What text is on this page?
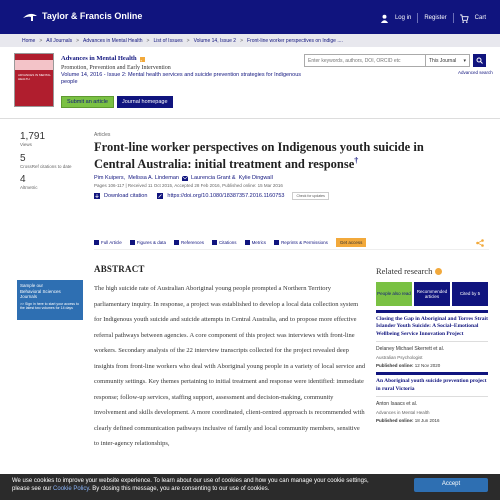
Taylor & Francis Online	Log in Register	Cart
Home > All Journals > Advances in Mental Health > List of Issues > Volume 14, Issue 2 > Front-line worker perspectives on Indige ....
ADVANCES IN MENTAL HEALTH
Advances in Mental Health
Promotion, Prevention and Early Intervention
Volume 14, 2016 - Issue 2: Mental health services and suicide prevention strategies for Indigenous people
Submit an article	Journal homepage
Enter keywords, authors, DOI, ORCID etc
This Journal ▾
Advanced search
1,791
Views
5
CrossRef citations to date
4
Altmetric
Articles
Front-line worker perspectives on Indigenous youth suicide in Central Australia: initial treatment and response†
Pim Kuipers, Melissa A. Lindeman Laurencia Grant & Kylie Dingwall
Pages 106-117 | Received 11 Oct 2015, Accepted 28 Feb 2016, Published online: 15 Mar 2016
Download citation	https://doi.org/10.1080/18387357.2016.1160753	Check for updates
Full Article	Figures & data	References	Citations	Metrics	Reprints & Permissions	Get access
Sample our
Behavioral Sciences
Journals
>> Sign in here to start your access to the latest two volumes for 14 days
ABSTRACT

The high suicide rate of Australian Aboriginal young people prompted a Northern Territory parliamentary inquiry. In response, a project was established to develop a local data collection system for Indigenous youth suicide and suicide attempts in Central Australia, and to propose more effective referral pathways between agencies. A core component of this project was interviews with front-line workers. Secondary analysis of the 22 interview transcripts collected for the project revealed deep insights from front-line workers who deal with Aboriginal young people in a variety of local service and community settings. Key themes pertaining to initial treatment and response were identified: immediate response; follow-up services, staffing support, assessment and decision-making, community involvement and skills development. A more coordinated, client-centred approach is recommended with clearly defined communication pathways inclusive of family and local community members, sensitive to inter-agency relationships,

Related research
People also read
Recommended articles
Cited by 5
Closing the Gap in Aboriginal and Torres Strait Islander Youth Suicide: A Social–Emotional Wellbeing Service Innovation Project
Delaney Michael Skerrett et al.
Australian Psychologist
Published online: 12 Nov 2020
An Aboriginal youth suicide prevention project in rural Victoria
Anton Isaacs et al.
Advances in Mental Health
Published online: 18 Jun 2016
We use cookies to improve your website experience. To learn about our use of cookies and how you can manage your cookie settings,
please see our Cookie Policy. By closing this message, you are consenting to our use of cookies.
Accept
